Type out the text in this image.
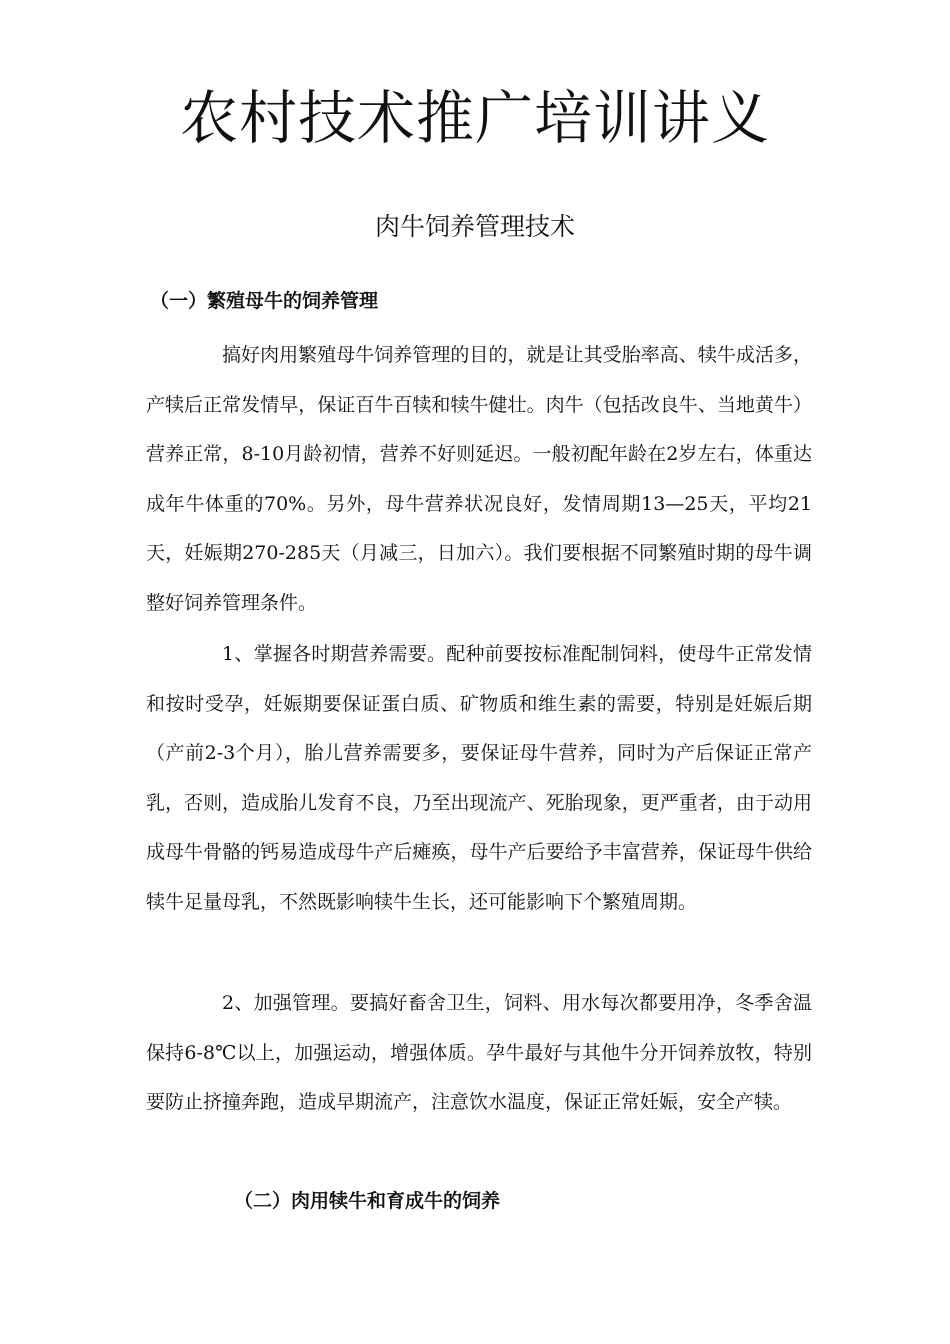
农村技术推广培训讲义
肉牛饲养管理技术
（一）繁殖母牛的饲养管理

搞好肉用繁殖母牛饲养管理的目的，就是让其受胎率高、犊牛成活多，产犊后正常发情早，保证百牛百犊和犊牛健壮。肉牛（包括改良牛、当地黄牛）营养正常，8-10月龄初情，营养不好则延迟。一般初配年龄在2岁左右，体重达成年牛体重的70%。另外，母牛营养状况良好，发情周期13—25天，平均21天，妊娠期270-285天（月减三，日加六）。我们要根据不同繁殖时期的母牛调整好饲养管理条件。

1、掌握各时期营养需要。配种前要按标准配制饲料，使母牛正常发情和按时受孕，妊娠期要保证蛋白质、矿物质和维生素的需要，特别是妊娠后期（产前2-3个月），胎儿营养需要多，要保证母牛营养，同时为产后保证正常产乳，否则，造成胎儿发育不良，乃至出现流产、死胎现象，更严重者，由于动用成母牛骨骼的钙易造成母牛产后瘫痪，母牛产后要给予丰富营养，保证母牛供给犊牛足量母乳，不然既影响犊牛生长，还可能影响下个繁殖周期。

2、加强管理。要搞好畜舍卫生，饲料、用水每次都要用净，冬季舍温保持6-8℃以上，加强运动，增强体质。孕牛最好与其他牛分开饲养放牧，特别要防止挤撞奔跑，造成早期流产，注意饮水温度，保证正常妊娠，安全产犊。

（二）肉用犊牛和育成牛的饲养
